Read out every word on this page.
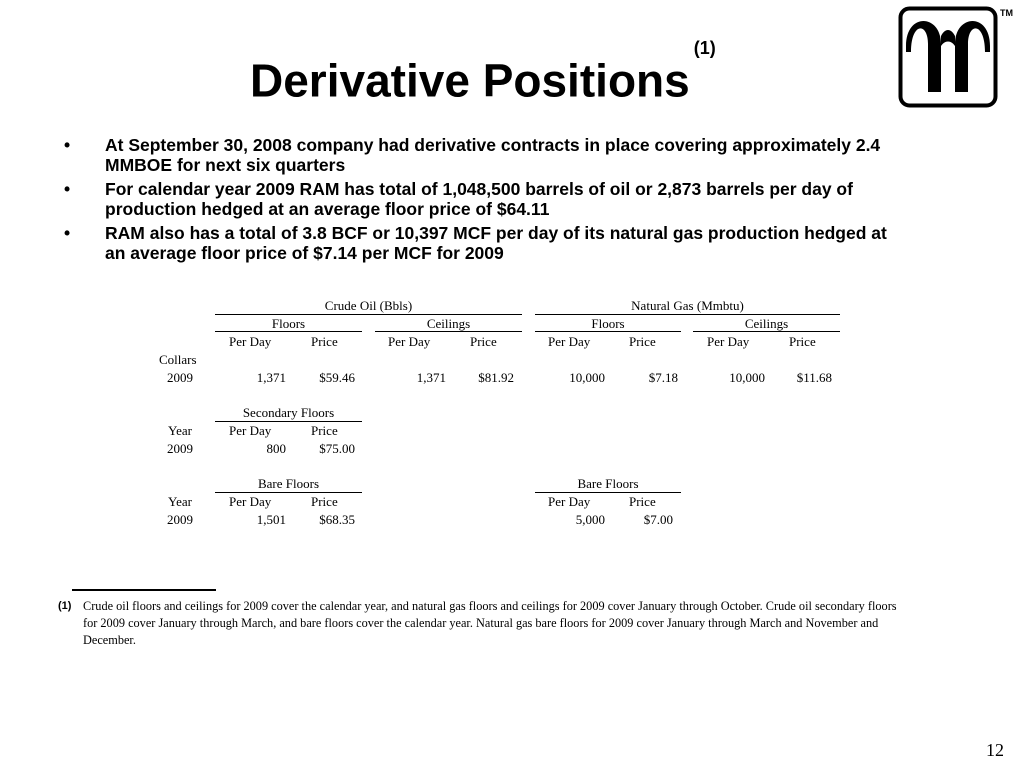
Derivative Positions$^{(1)}$
TM
• At September 30, 2008 company had derivative contracts in place covering approximately 2.4 MMBOE for next six quarters
• For calendar year 2009 RAM has total of 1,048,500 barrels of oil or 2,873 barrels per day of production hedged at an average floor price of $64.11
• RAM also has a total of 3.8 BCF or 10,397 MCF per day of its natural gas production hedged at an average floor price of $7.14 per MCF for 2009
Crude Oil (Bbls)	Natural Gas (Mmbtu)
Floors	Ceilings	Floors	Ceilings
Per Day	Price	Per Day	Price	Per Day	Price	Per Day	Price
Collars
2009	1,371	$59.46	1,371	$81.92	10,000	$7.18	10,000	$11.68
Secondary Floors
Year	Per Day	Price
2009	800	$75.00
Bare Floors	Bare Floors
Year	Per Day	Price	Per Day	Price
2009	1,501	$68.35	5,000	$7.00
(1) Crude oil floors and ceilings for 2009 cover the calendar year, and natural gas floors and ceilings for 2009 cover January through October. Crude oil secondary floors for 2009 cover January through March, and bare floors cover the calendar year. Natural gas bare floors for 2009 cover January through March and November and December.
12
